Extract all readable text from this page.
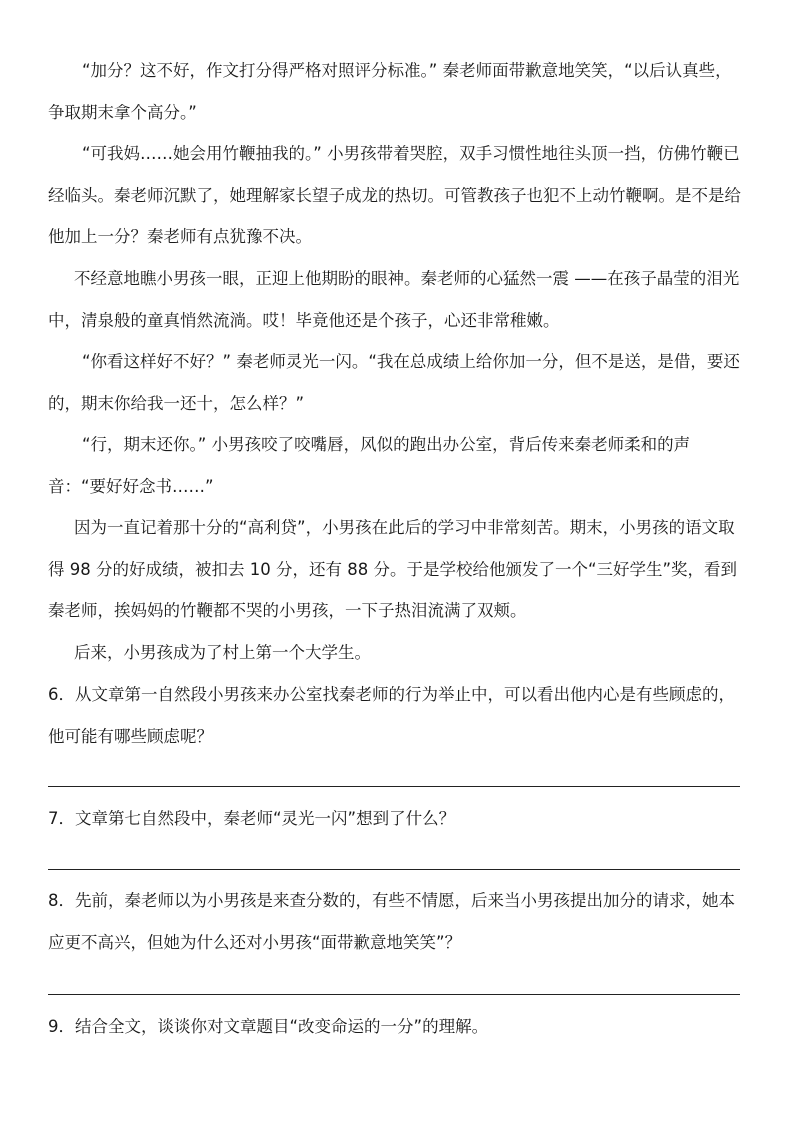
“加分？这不好，作文打分得严格对照评分标准。” 秦老师面带歉意地笑笑，“以后认真些，争取期末拿个高分。”

“可我妈……她会用竹鞭抽我的。” 小男孩带着哭腔，双手习惯性地往头顶一挡，仿佛竹鞭已经临头。秦老师沉默了，她理解家长望子成龙的热切。可管教孩子也犯不上动竹鞭啊。是不是给他加上一分？秦老师有点犹豫不决。

不经意地瞧小男孩一眼，正迎上他期盼的眼神。秦老师的心猛然一震 ——在孩子晶莹的泪光中，清泉般的童真悄然流淌。哎！毕竟他还是个孩子，心还非常稚嫩。

“你看这样好不好？” 秦老师灵光一闪。“我在总成绩上给你加一分，但不是送，是借，要还的，期末你给我一还十，怎么样？”

“行，期末还你。” 小男孩咬了咬嘴唇，风似的跑出办公室，背后传来秦老师柔和的声音：“要好好念书……”

因为一直记着那十分的“高利贷”，小男孩在此后的学习中非常刻苦。期末，小男孩的语文取得 98 分的好成绩，被扣去 10 分，还有 88 分。于是学校给他颁发了一个“三好学生”奖，看到秦老师，挨妈妈的竹鞭都不哭的小男孩，一下子热泪流满了双颊。

后来，小男孩成为了村上第一个大学生。

6．从文章第一自然段小男孩来办公室找秦老师的行为举止中，可以看出他内心是有些顾虑的，他可能有哪些顾虑呢？

7．文章第七自然段中，秦老师“灵光一闪”想到了什么？

8．先前，秦老师以为小男孩是来查分数的，有些不情愿，后来当小男孩提出加分的请求，她本应更不高兴，但她为什么还对小男孩“面带歉意地笑笑”？

9．结合全文，谈谈你对文章题目“改变命运的一分”的理解。
